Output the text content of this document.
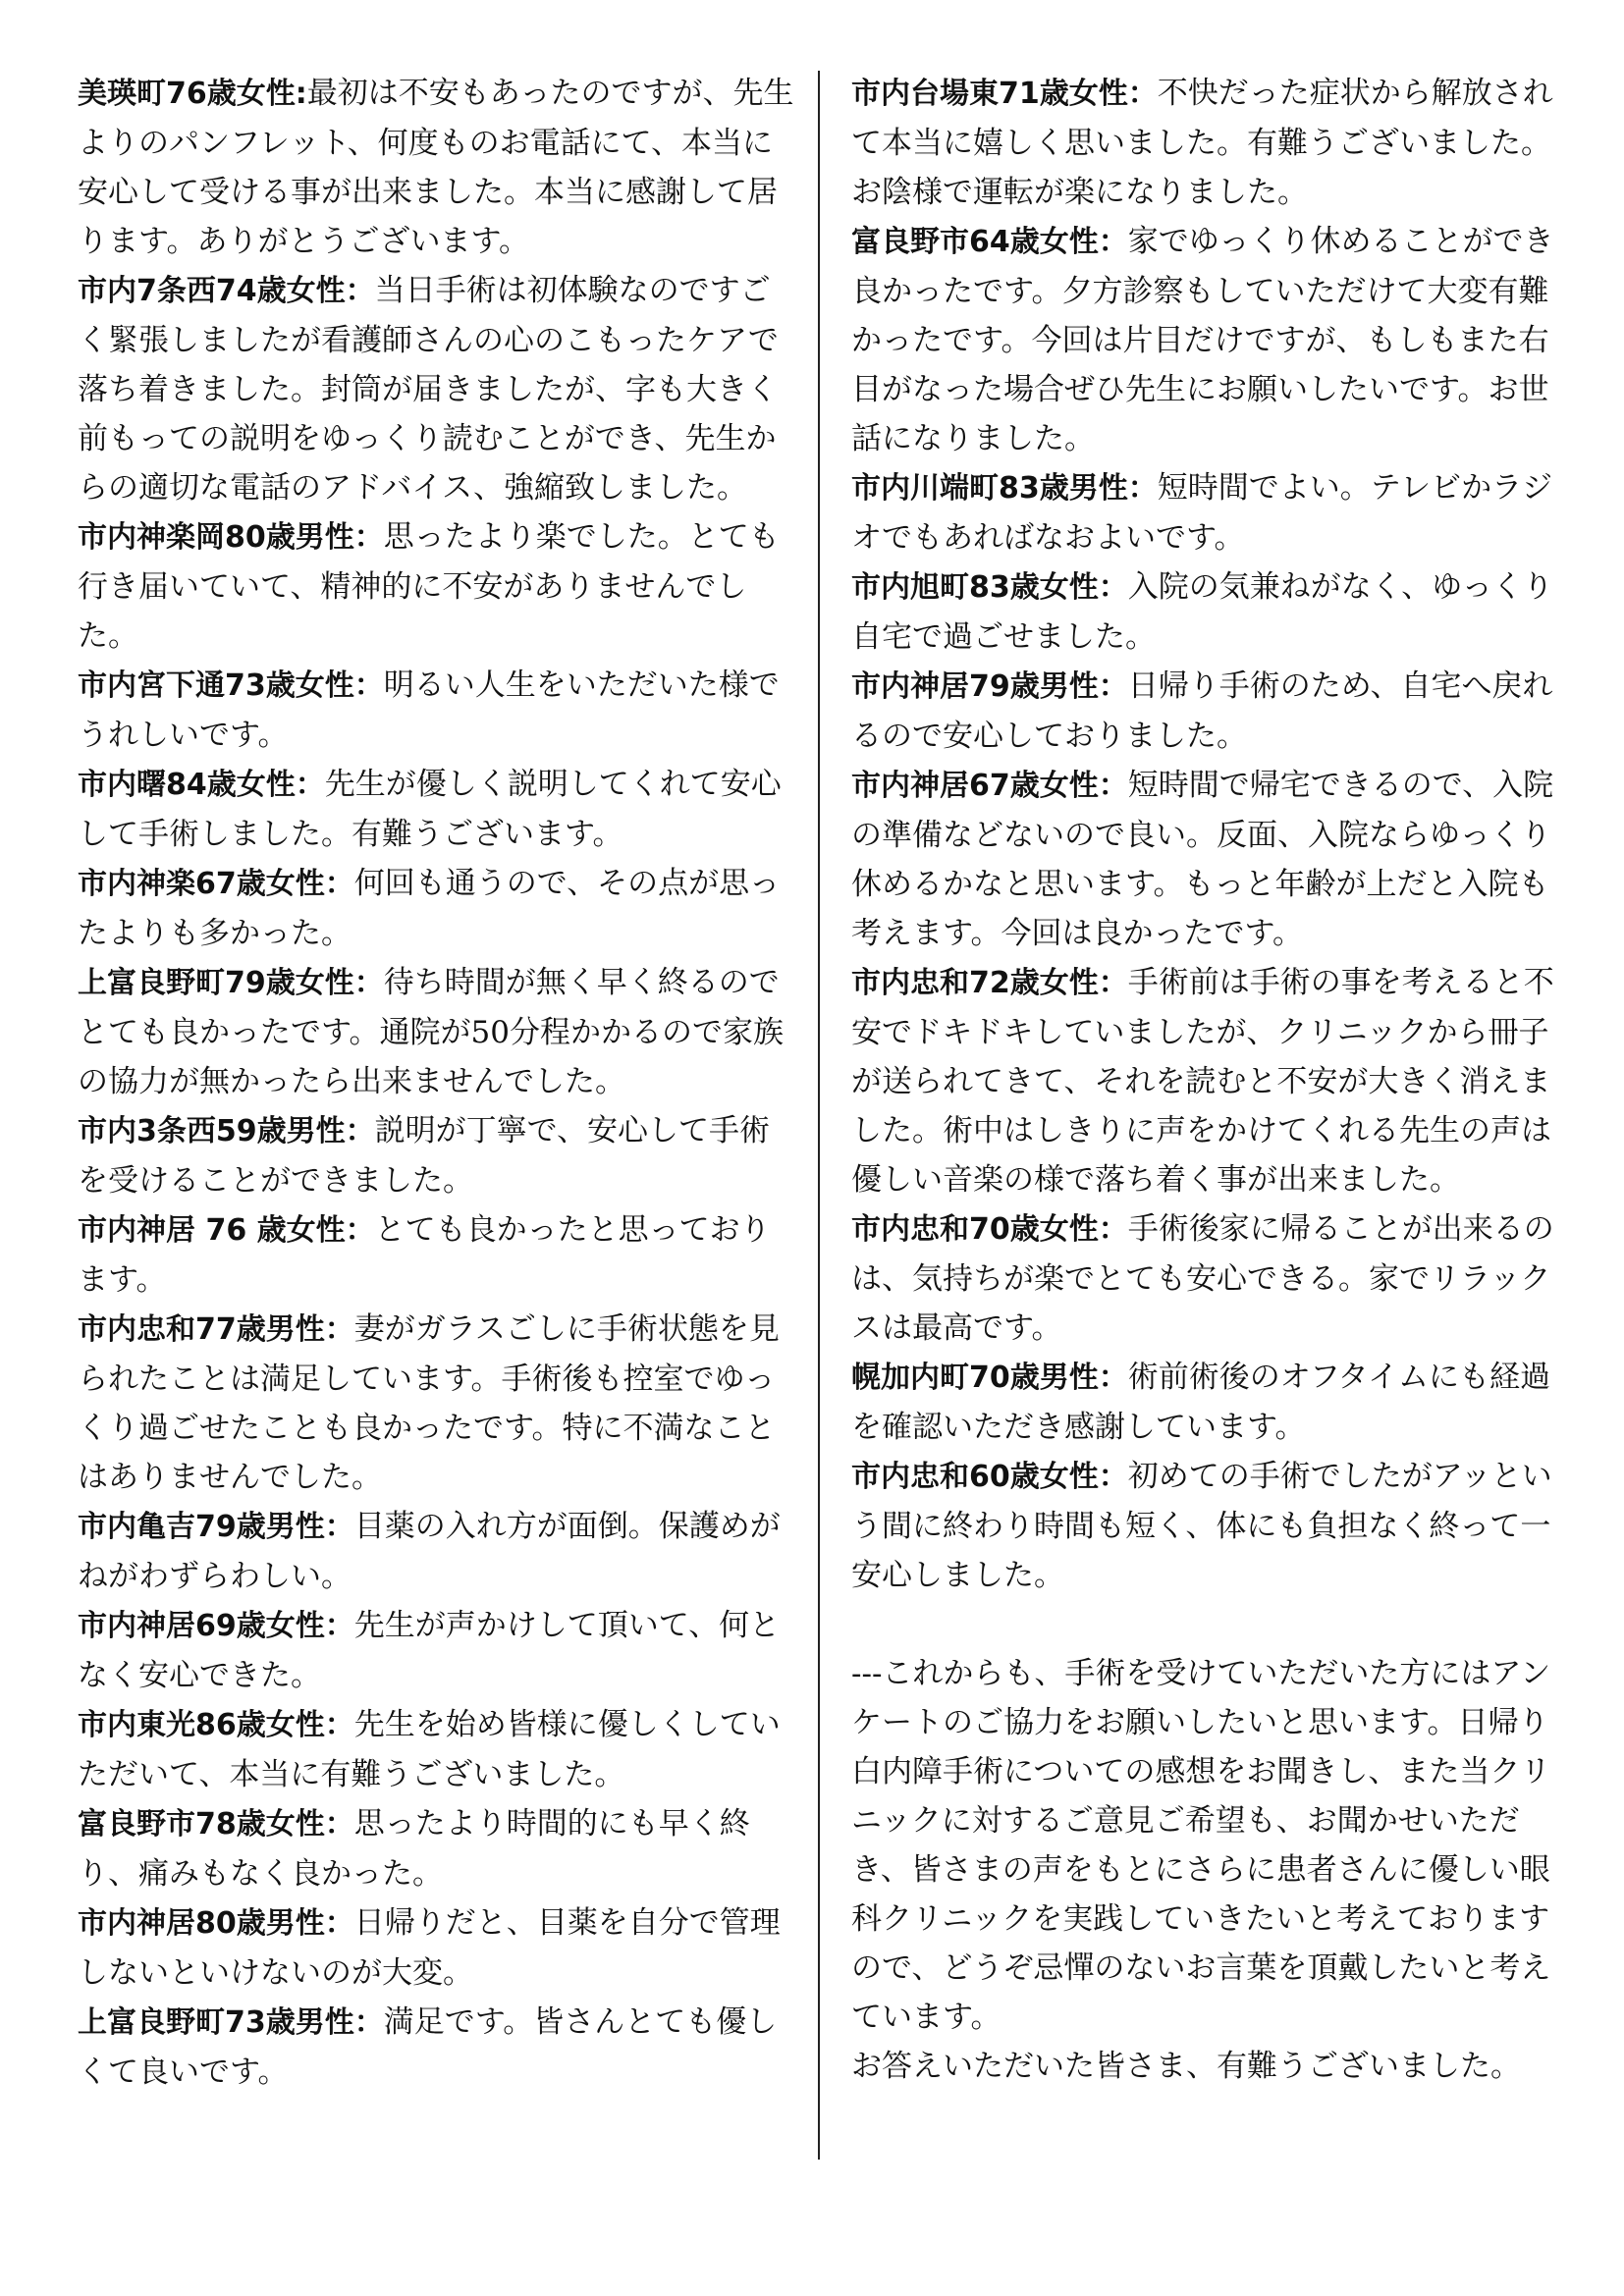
美瑛町76歳女性:最初は不安もあったのですが、先生よりのパンフレット、何度ものお電話にて、本当に安心して受ける事が出来ました。本当に感謝して居ります。ありがとうございます。

市内7条西74歳女性：当日手術は初体験なのですごく緊張しましたが看護師さんの心のこもったケアで落ち着きました。封筒が届きましたが、字も大きく前もっての説明をゆっくり読むことができ、先生からの適切な電話のアドバイス、強縮致しました。

市内神楽岡80歳男性：思ったより楽でした。とても行き届いていて、精神的に不安がありませんでした。

市内宮下通73歳女性：明るい人生をいただいた様でうれしいです。

市内曙84歳女性：先生が優しく説明してくれて安心して手術しました。有難うございます。

市内神楽67歳女性：何回も通うので、その点が思ったよりも多かった。

上富良野町79歳女性：待ち時間が無く早く終るのでとても良かったです。通院が50分程かかるので家族の協力が無かったら出来ませんでした。

市内3条西59歳男性：説明が丁寧で、安心して手術を受けることができました。

市内神居 76 歳女性：とても良かったと思っております。

市内忠和77歳男性：妻がガラスごしに手術状態を見られたことは満足しています。手術後も控室でゆっくり過ごせたことも良かったです。特に不満なことはありませんでした。

市内亀吉79歳男性：目薬の入れ方が面倒。保護めがねがわずらわしい。

市内神居69歳女性：先生が声かけして頂いて、何となく安心できた。

市内東光86歳女性：先生を始め皆様に優しくしていただいて、本当に有難うございました。

富良野市78歳女性：思ったより時間的にも早く終り、痛みもなく良かった。

市内神居80歳男性：日帰りだと、目薬を自分で管理しないといけないのが大変。

上富良野町73歳男性：満足です。皆さんとても優しくて良いです。

市内台場東71歳女性：不快だった症状から解放されて本当に嬉しく思いました。有難うございました。お陰様で運転が楽になりました。

富良野市64歳女性：家でゆっくり休めることができ良かったです。夕方診察もしていただけて大変有難かったです。今回は片目だけですが、もしもまた右目がなった場合ぜひ先生にお願いしたいです。お世話になりました。

市内川端町83歳男性：短時間でよい。テレビかラジオでもあればなおよいです。

市内旭町83歳女性：入院の気兼ねがなく、ゆっくり自宅で過ごせました。

市内神居79歳男性：日帰り手術のため、自宅へ戻れるので安心しておりました。

市内神居67歳女性：短時間で帰宅できるので、入院の準備などないので良い。反面、入院ならゆっくり休めるかなと思います。もっと年齢が上だと入院も考えます。今回は良かったです。

市内忠和72歳女性：手術前は手術の事を考えると不安でドキドキしていましたが、クリニックから冊子が送られてきて、それを読むと不安が大きく消えました。術中はしきりに声をかけてくれる先生の声は優しい音楽の様で落ち着く事が出来ました。

市内忠和70歳女性：手術後家に帰ることが出来るのは、気持ちが楽でとても安心できる。家でリラックスは最高です。

幌加内町70歳男性：術前術後のオフタイムにも経過を確認いただき感謝しています。

市内忠和60歳女性：初めての手術でしたがアッという間に終わり時間も短く、体にも負担なく終って一安心しました。

---これからも、手術を受けていただいた方にはアンケートのご協力をお願いしたいと思います。日帰り白内障手術についての感想をお聞きし、また当クリニックに対するご意見ご希望も、お聞かせいただき、皆さまの声をもとにさらに患者さんに優しい眼科クリニックを実践していきたいと考えておりますので、どうぞ忌憚のないお言葉を頂戴したいと考えています。

お答えいただいた皆さま、有難うございました。
